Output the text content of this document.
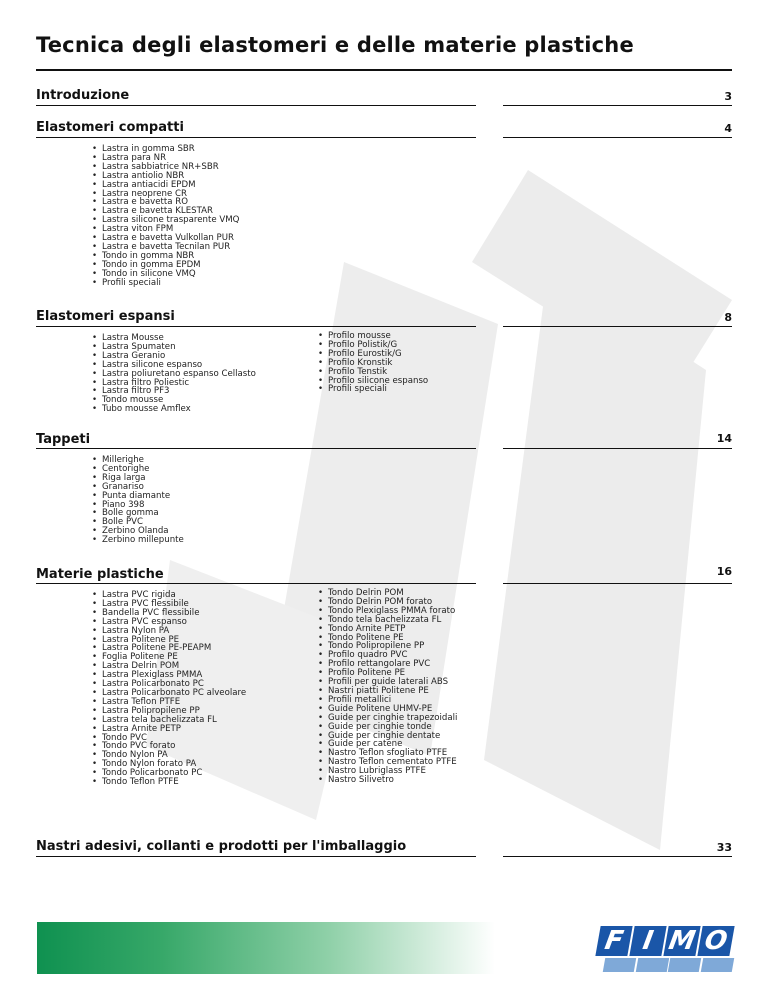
Tecnica degli elastomeri e delle materie plastiche
Introduzione	3
Elastomeri compatti	4
• Lastra in gomma SBR
• Lastra para NR
• Lastra sabbiatrice NR+SBR
• Lastra antiolio NBR
• Lastra antiacidi EPDM
• Lastra neoprene CR
• Lastra e bavetta RO
• Lastra e bavetta KLESTAR
• Lastra silicone trasparente VMQ
• Lastra viton FPM
• Lastra e bavetta Vulkollan PUR
• Lastra e bavetta Tecnilan PUR
• Tondo in gomma NBR
• Tondo in gomma EPDM
• Tondo in silicone VMQ
• Profili speciali
Elastomeri espansi	8
• Lastra Mousse
• Lastra Spumaten
• Lastra Geranio
• Lastra silicone espanso
• Lastra poliuretano espanso Cellasto
• Lastra filtro Poliestic
• Lastra filtro PF3
• Tondo mousse
• Tubo mousse Amflex
• Profilo mousse
• Profilo Polistik/G
• Profilo Eurostik/G
• Profilo Kronstik
• Profilo Tenstik
• Profilo silicone espanso
• Profili speciali
Tappeti	14
• Millerighe
• Centorighe
• Riga larga
• Granariso
• Punta diamante
• Piano 398
• Bolle gomma
• Bolle PVC
• Zerbino Olanda
• Zerbino millepunte
Materie plastiche	16
• Lastra PVC rigida
• Lastra PVC flessibile
• Bandella PVC flessibile
• Lastra PVC espanso
• Lastra Nylon PA
• Lastra Politene PE
• Lastra Politene PE-PEAPM
• Foglia Politene PE
• Lastra Delrin POM
• Lastra Plexiglass PMMA
• Lastra Policarbonato PC
• Lastra Policarbonato PC alveolare
• Lastra Teflon PTFE
• Lastra Polipropilene PP
• Lastra tela bachelizzata FL
• Lastra Arnite PETP
• Tondo PVC
• Tondo PVC forato
• Tondo Nylon PA
• Tondo Nylon forato PA
• Tondo Policarbonato PC
• Tondo Teflon PTFE
• Tondo Delrin POM
• Tondo Delrin POM forato
• Tondo Plexiglass PMMA forato
• Tondo tela bachelizzata FL
• Tondo Arnite PETP
• Tondo Politene PE
• Tondo Polipropilene PP
• Profilo quadro PVC
• Profilo rettangolare PVC
• Profilo Politene PE
• Profili per guide laterali ABS
• Nastri piatti Politene PE
• Profili metallici
• Guide Politene UHMV-PE
• Guide per cinghie trapezoidali
• Guide per cinghie tonde
• Guide per cinghie dentate
• Guide per catene
• Nastro Teflon sfogliato PTFE
• Nastro Teflon cementato PTFE
• Nastro Lubriglass PTFE
• Nastro Silivetro
Nastri adesivi, collanti e prodotti per l'imballaggio	33
F I M O
